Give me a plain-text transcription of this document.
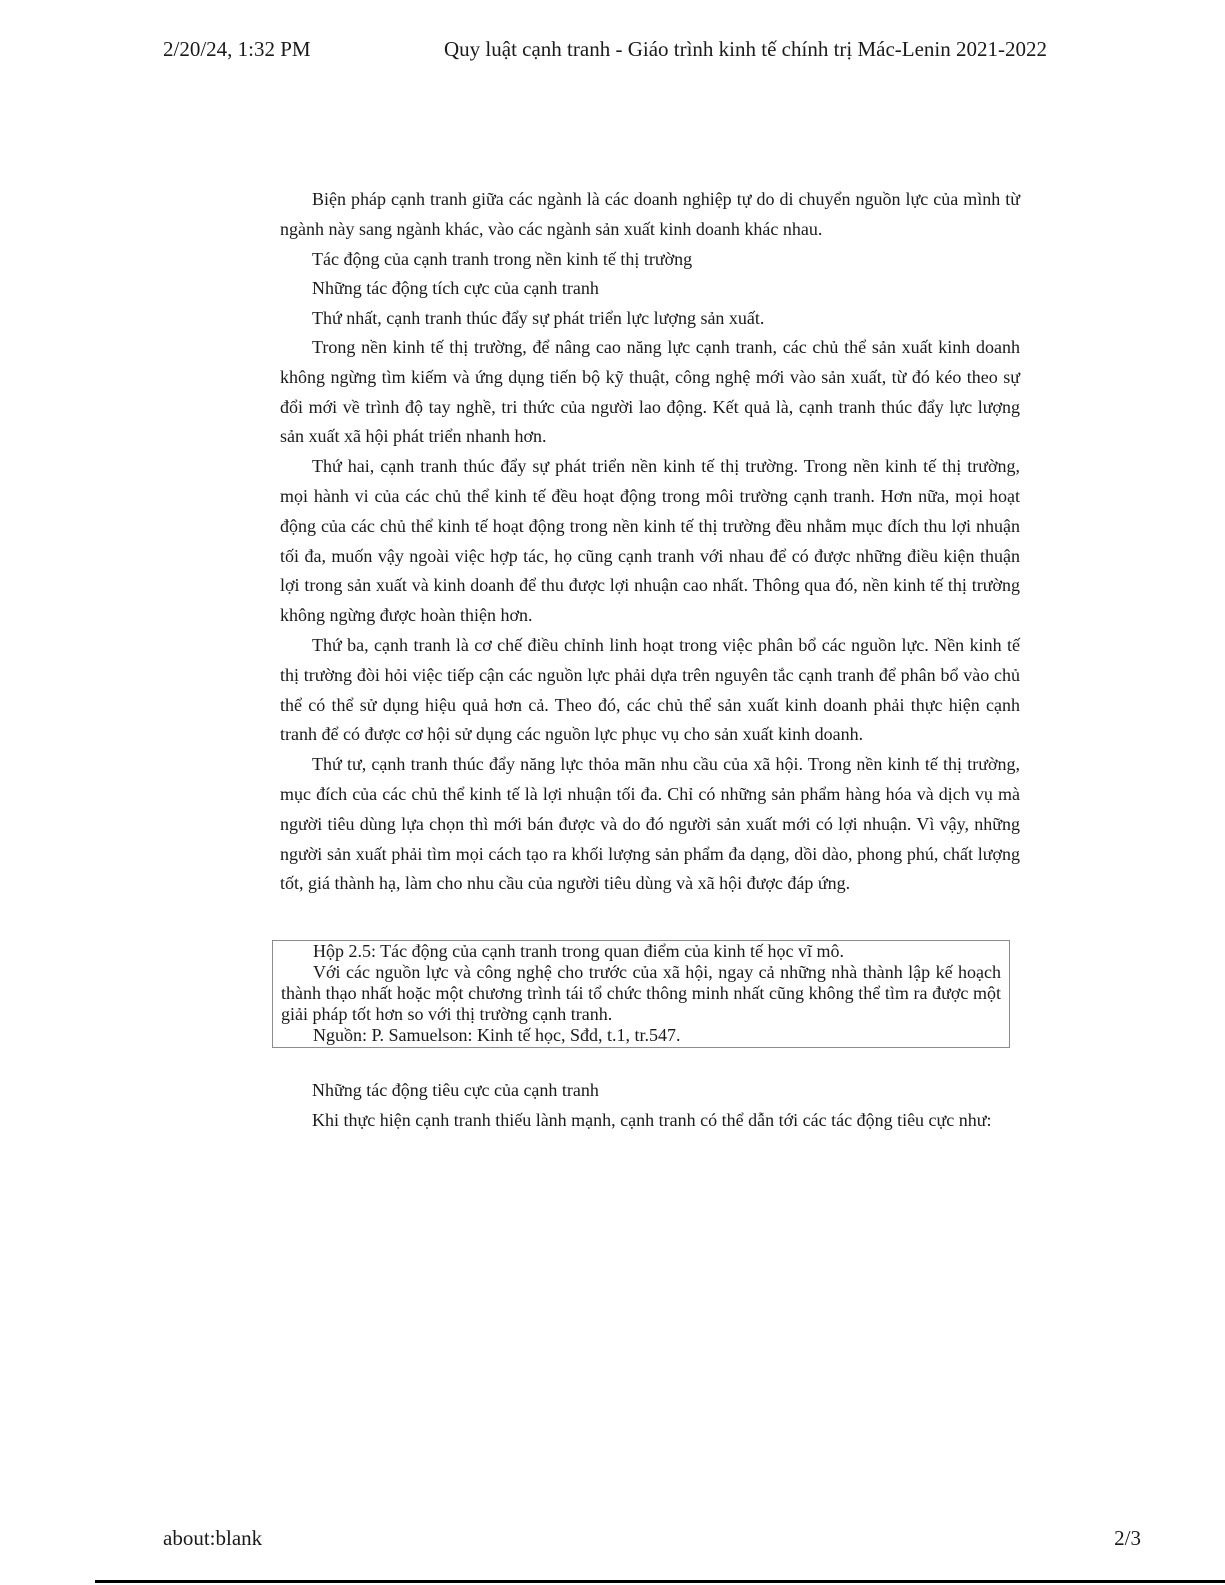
2/20/24, 1:32 PM	Quy luật cạnh tranh - Giáo trình kinh tế chính trị Mác-Lenin 2021-2022

Biện pháp cạnh tranh giữa các ngành là các doanh nghiệp tự do di chuyển nguồn lực của mình từ ngành này sang ngành khác, vào các ngành sản xuất kinh doanh khác nhau.

Tác động của cạnh tranh trong nền kinh tế thị trường

Những tác động tích cực của cạnh tranh

Thứ nhất, cạnh tranh thúc đẩy sự phát triển lực lượng sản xuất.

Trong nền kinh tế thị trường, để nâng cao năng lực cạnh tranh, các chủ thể sản xuất kinh doanh không ngừng tìm kiếm và ứng dụng tiến bộ kỹ thuật, công nghệ mới vào sản xuất, từ đó kéo theo sự đổi mới về trình độ tay nghề, tri thức của người lao động. Kết quả là, cạnh tranh thúc đẩy lực lượng sản xuất xã hội phát triển nhanh hơn.

Thứ hai, cạnh tranh thúc đẩy sự phát triển nền kinh tế thị trường. Trong nền kinh tế thị trường, mọi hành vi của các chủ thể kinh tế đều hoạt động trong môi trường cạnh tranh. Hơn nữa, mọi hoạt động của các chủ thể kinh tế hoạt động trong nền kinh tế thị trường đều nhằm mục đích thu lợi nhuận tối đa, muốn vậy ngoài việc hợp tác, họ cũng cạnh tranh với nhau để có được những điều kiện thuận lợi trong sản xuất và kinh doanh để thu được lợi nhuận cao nhất. Thông qua đó, nền kinh tế thị trường không ngừng được hoàn thiện hơn.

Thứ ba, cạnh tranh là cơ chế điều chỉnh linh hoạt trong việc phân bổ các nguồn lực. Nền kinh tế thị trường đòi hỏi việc tiếp cận các nguồn lực phải dựa trên nguyên tắc cạnh tranh để phân bổ vào chủ thể có thể sử dụng hiệu quả hơn cả. Theo đó, các chủ thể sản xuất kinh doanh phải thực hiện cạnh tranh để có được cơ hội sử dụng các nguồn lực phục vụ cho sản xuất kinh doanh.

Thứ tư, cạnh tranh thúc đẩy năng lực thỏa mãn nhu cầu của xã hội. Trong nền kinh tế thị trường, mục đích của các chủ thể kinh tế là lợi nhuận tối đa. Chỉ có những sản phẩm hàng hóa và dịch vụ mà người tiêu dùng lựa chọn thì mới bán được và do đó người sản xuất mới có lợi nhuận. Vì vậy, những người sản xuất phải tìm mọi cách tạo ra khối lượng sản phẩm đa dạng, dồi dào, phong phú, chất lượng tốt, giá thành hạ, làm cho nhu cầu của người tiêu dùng và xã hội được đáp ứng.

Hộp 2.5: Tác động của cạnh tranh trong quan điểm của kinh tế học vĩ mô.

Với các nguồn lực và công nghệ cho trước của xã hội, ngay cả những nhà thành lập kế hoạch thành thạo nhất hoặc một chương trình tái tổ chức thông minh nhất cũng không thể tìm ra được một giải pháp tốt hơn so với thị trường cạnh tranh.

Nguồn: P. Samuelson: Kinh tế học, Sđd, t.1, tr.547.

Những tác động tiêu cực của cạnh tranh

Khi thực hiện cạnh tranh thiếu lành mạnh, cạnh tranh có thể dẫn tới các tác động tiêu cực như:

about:blank	2/3
